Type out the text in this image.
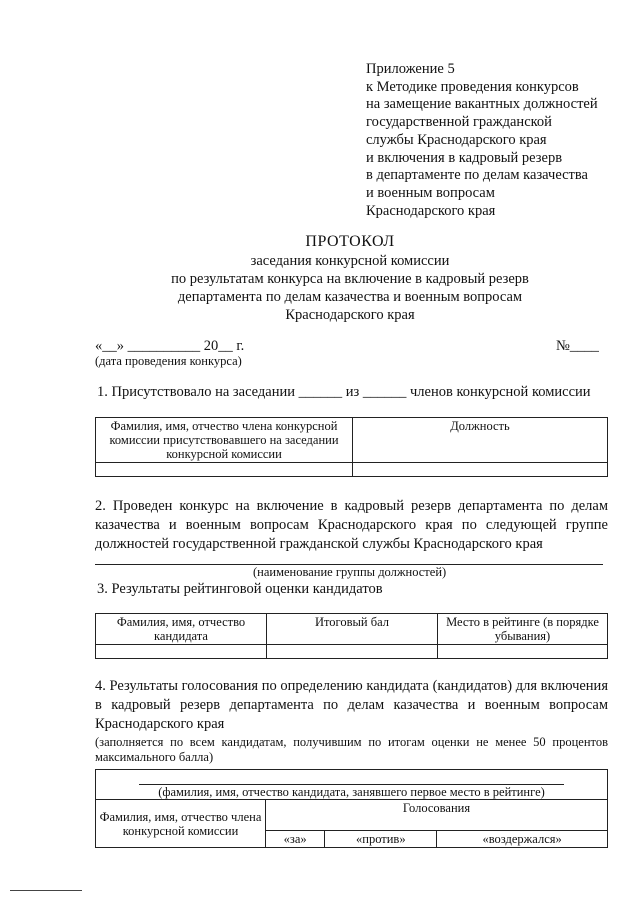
Приложение 5
к Методике проведения конкурсов
на замещение вакантных должностей
государственной гражданской
службы Краснодарского края
и включения в кадровый резерв
в департаменте по делам казачества
и военным вопросам
Краснодарского края
ПРОТОКОЛ
заседания конкурсной комиссии
по результатам конкурса на включение в кадровый резерв
департамента по делам казачества и военным вопросам
Краснодарского края
«__» __________ 20__ г.	№____
(дата проведения конкурса)
1. Присутствовало на заседании ______ из ______ членов конкурсной комиссии
Фамилия, имя, отчество члена конкурсной комиссии присутствовавшего на заседании конкурсной комиссии	Должность

2. Проведен конкурс на включение в кадровый резерв департамента по делам казачества и военным вопросам Краснодарского края по следующей группе должностей государственной гражданской службы Краснодарского края
(наименование группы должностей)
3. Результаты рейтинговой оценки кандидатов
Фамилия, имя, отчество кандидата	Итоговый бал	Место в рейтинге (в порядке убывания)

4. Результаты голосования по определению кандидата (кандидатов) для включения в кадровый резерв департамента по делам казачества и военным вопросам Краснодарского края
(заполняется по всем кандидатам, получившим по итогам оценки не менее 50 процентов максимального балла)
(фамилия, имя, отчество кандидата, занявшего первое место в рейтинге)			

Фамилия, имя, отчество члена конкурсной комиссии	Голосования		
	«за»	«против»	«воздержался»
